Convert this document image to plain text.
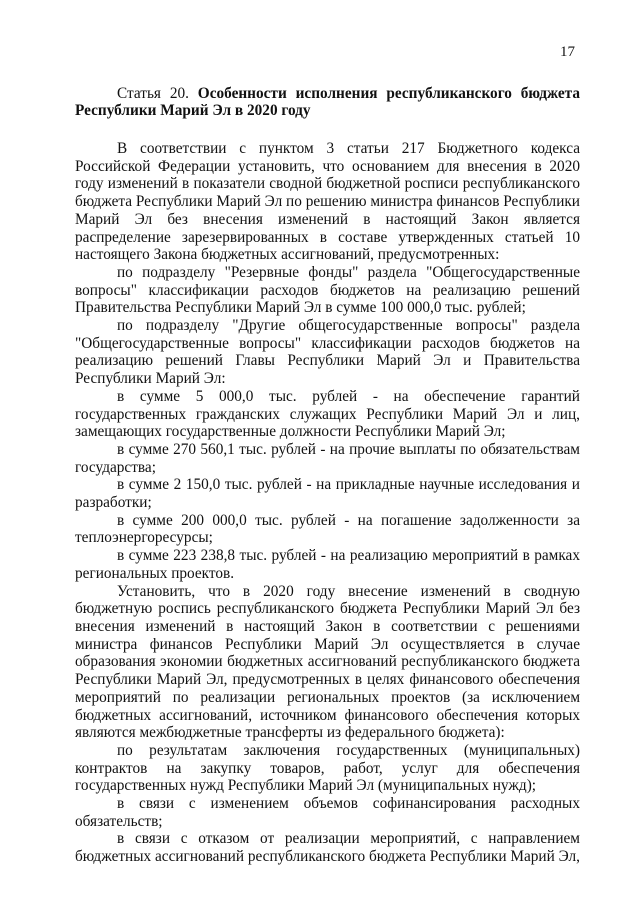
17
Статья 20. Особенности исполнения республиканского бюджета Республики Марий Эл в 2020 году

В соответствии с пунктом 3 статьи 217 Бюджетного кодекса Российской Федерации установить, что основанием для внесения в 2020 году изменений в показатели сводной бюджетной росписи республиканского бюджета Республики Марий Эл по решению министра финансов Республики Марий Эл без внесения изменений в настоящий Закон является распределение зарезервированных в составе утвержденных статьей 10 настоящего Закона бюджетных ассигнований, предусмотренных:

по подразделу "Резервные фонды" раздела "Общегосударственные вопросы" классификации расходов бюджетов на реализацию решений Правительства Республики Марий Эл в сумме 100 000,0 тыс. рублей;

по подразделу "Другие общегосударственные вопросы" раздела "Общегосударственные вопросы" классификации расходов бюджетов на реализацию решений Главы Республики Марий Эл и Правительства Республики Марий Эл:

в сумме 5 000,0 тыс. рублей - на обеспечение гарантий государственных гражданских служащих Республики Марий Эл и лиц, замещающих государственные должности Республики Марий Эл;

в сумме 270 560,1 тыс. рублей - на прочие выплаты по обязательствам государства;

в сумме 2 150,0 тыс. рублей - на прикладные научные исследования и разработки;

в сумме 200 000,0 тыс. рублей - на погашение задолженности за теплоэнергоресурсы;

в сумме 223 238,8 тыс. рублей - на реализацию мероприятий в рамках региональных проектов.

Установить, что в 2020 году внесение изменений в сводную бюджетную роспись республиканского бюджета Республики Марий Эл без внесения изменений в настоящий Закон в соответствии с решениями министра финансов Республики Марий Эл осуществляется в случае образования экономии бюджетных ассигнований республиканского бюджета Республики Марий Эл, предусмотренных в целях финансового обеспечения мероприятий по реализации региональных проектов (за исключением бюджетных ассигнований, источником финансового обеспечения которых являются межбюджетные трансферты из федерального бюджета):

по результатам заключения государственных (муниципальных) контрактов на закупку товаров, работ, услуг для обеспечения государственных нужд Республики Марий Эл (муниципальных нужд);

в связи с изменением объемов софинансирования расходных обязательств;

в связи с отказом от реализации мероприятий, с направлением бюджетных ассигнований республиканского бюджета Республики Марий Эл,
